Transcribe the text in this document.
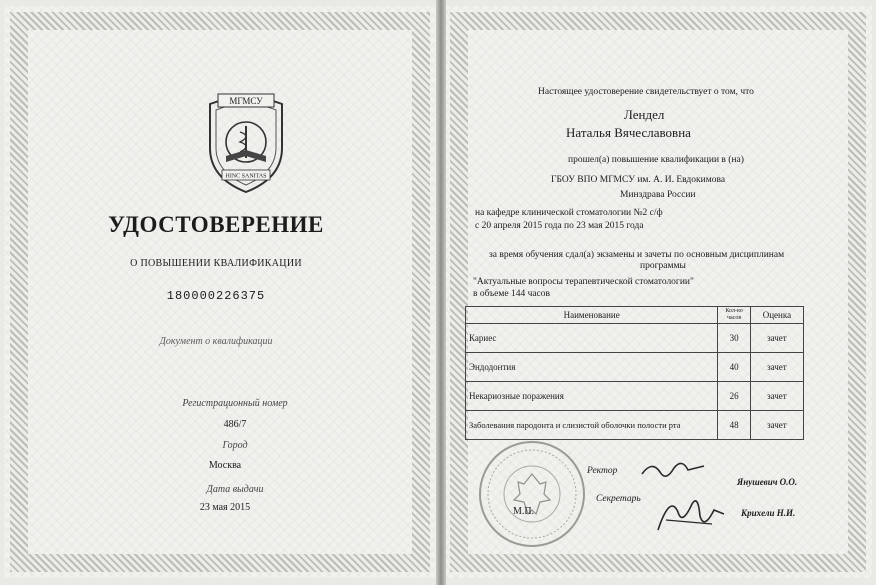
МГМСУ
HINC SANITAS
УДОСТОВЕРЕНИЕ
О ПОВЫШЕНИИ КВАЛИФИКАЦИИ
180000226375
Документ о квалификации
Регистрационный номер
486/7
Город
Москва
Дата выдачи
23 мая 2015
Настоящее удостоверение свидетельствует о том, что
Лендел
Наталья Вячеславовна
прошел(а) повышение квалификации в (на)
ГБОУ ВПО МГМСУ им. А. И. Евдокимова
Минздрава России
на кафедре клинической стоматологии №2 с/ф
с 20 апреля 2015 года по 23 мая 2015 года
за время обучения сдал(а) экзамены и зачеты по основным дисциплинам
программы
"Актуальные вопросы терапевтической стоматологии"
в объеме 144 часов
Наименование	Кол-во часов	Оценка
Кариес	30	зачет
Эндодонтия	40	зачет
Некариозные поражения	26	зачет
Заболевания пародонта и слизистой оболочки полости рта	48	зачет
М.П.
Ректор
Янушевич О.О.
Секретарь
Крихели Н.И.
